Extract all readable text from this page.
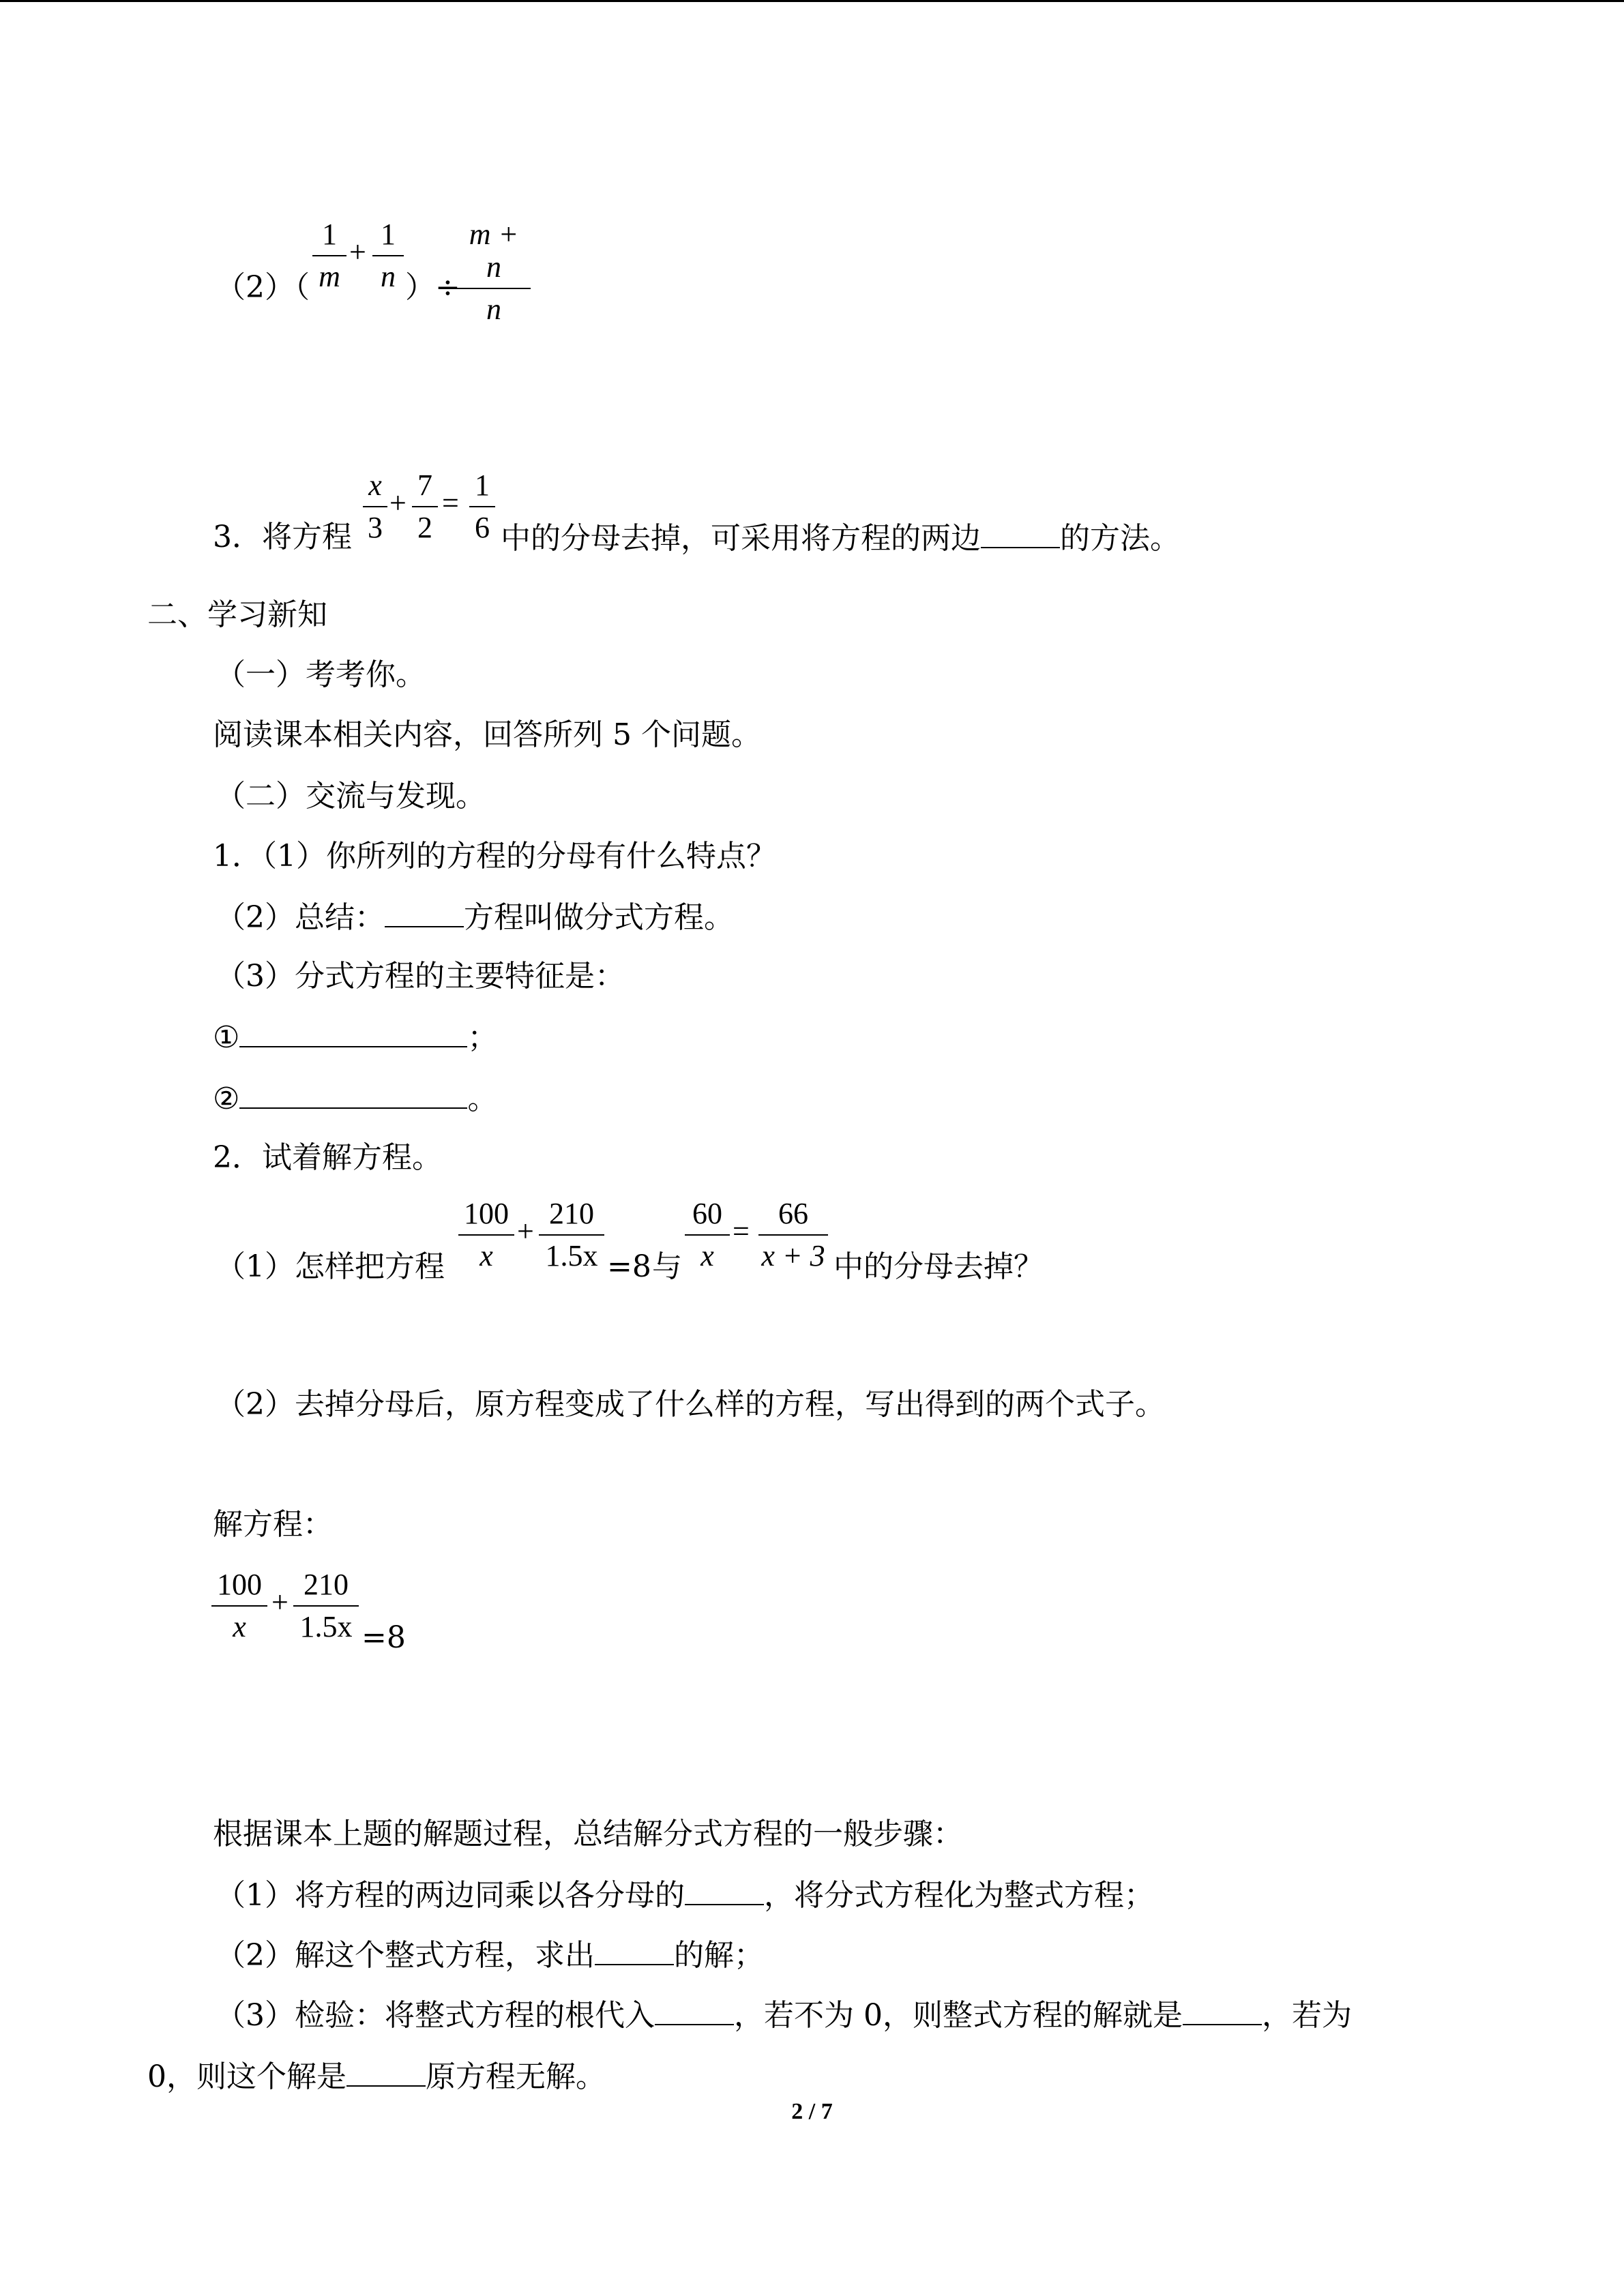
$(2)( \frac{1}{m} + \frac{1}{n}$ ）÷
$\frac{m + n}{n}$
3．将方程 $\frac{x}{3} + \frac{7}{2} = \frac{1}{6}$ 中的分母去掉，可采用将方程的两边	的方法。
二、学习新知
（一）考考你。
阅读课本相关内容，回答所列 5 个问题。
（二）交流与发现。
1．（1）你所列的方程的分母有什么特点？
（2）总结：	方程叫做分式方程。
（3）分式方程的主要特征是：
①	；
②	。
2．试着解方程。
（1）怎样把方程 $\frac{100}{x} + \frac{210}{1.5x} =8$ 与 $\frac{60}{x} = \frac{66}{x + 3}$ 中的分母去掉？
（2）去掉分母后，原方程变成了什么样的方程，写出得到的两个式子。
解方程：
$\frac{100}{x} + \frac{210}{1.5x} =8$
根据课本上题的解题过程，总结解分式方程的一般步骤：
（1）将方程的两边同乘以各分母的	，将分式方程化为整式方程；
（2）解这个整式方程，求出	的解；
（3）检验：将整式方程的根代入	，若不为 0，则整式方程的解就是	，若为
0，则这个解是	原方程无解。
2 / 7
